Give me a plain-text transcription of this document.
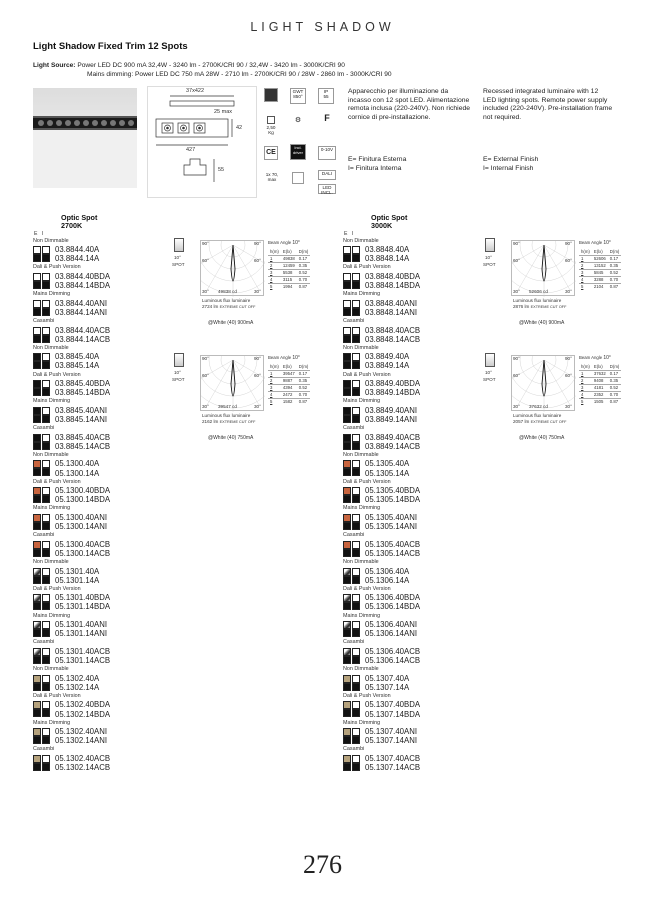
LIGHT SHADOW
Light Shadow Fixed Trim 12 Spots
Light Source: Power LED DC 900 mA 32,4W - 3240 lm - 2700K/CRI 90 / 32,4W - 3420 lm - 3000K/CRI 90
Mains dimming: Power LED DC 750 mA 28W - 2710 lm - 2700K/CRI 90 / 28W - 2860 lm - 3000K/CRI 90
37x422
25 max
42
427
55
GWT
850°
IP
55
2,50 Kg
⚙	F
CE
Incl. driver
0-10V
1x 70, max
DALI
LED INCL.
Apparecchio per illuminazione da incasso con 12 spot LED. Alimentazione remota inclusa (220-240V). Non richiede cornice di pre-installazione.
Recessed integrated luminaire with 12 LED lighting spots. Remote power supply included (220-240V). Pre-installation frame not required.
E= Finitura Esterna
I= Finitura Interna
E= External Finish
I= Internal Finish
Optic Spot
2700K
E I
Non Dimmable
03.8844.40A
03.8844.14A
Dali & Push Version
03.8844.40BDA
03.8844.14BDA
Mains Dimming
03.8844.40ANI
03.8844.14ANI
Casambi
03.8844.40ACB
03.8844.14ACB
Non Dimmable
03.8845.40A
03.8845.14A
Dali & Push Version
03.8845.40BDA
03.8845.14BDA
Mains Dimming
03.8845.40ANI
03.8845.14ANI
Casambi
03.8845.40ACB
03.8845.14ACB
Non Dimmable
05.1300.40A
05.1300.14A
Dali & Push Version
05.1300.40BDA
05.1300.14BDA
Mains Dimming
05.1300.40ANI
05.1300.14ANI
Casambi
05.1300.40ACB
05.1300.14ACB
Non Dimmable
05.1301.40A
05.1301.14A
Dali & Push Version
05.1301.40BDA
05.1301.14BDA
Mains Dimming
05.1301.40ANI
05.1301.14ANI
Casambi
05.1301.40ACB
05.1301.14ACB
Non Dimmable
05.1302.40A
05.1302.14A
Dali & Push Version
05.1302.40BDA
05.1302.14BDA
Mains Dimming
05.1302.40ANI
05.1302.14ANI
Casambi
05.1302.40ACB
05.1302.14ACB
Optic Spot
3000K
E I
Non Dimmable
03.8848.40A
03.8848.14A
Dali & Push Version
03.8848.40BDA
03.8848.14BDA
Mains Dimming
03.8848.40ANI
03.8848.14ANI
Casambi
03.8848.40ACB
03.8848.14ACB
Non Dimmable
03.8849.40A
03.8849.14A
Dali & Push Version
03.8849.40BDA
03.8849.14BDA
Mains Dimming
03.8849.40ANI
03.8849.14ANI
Casambi
03.8849.40ACB
03.8849.14ACB
Non Dimmable
05.1305.40A
05.1305.14A
Dali & Push Version
05.1305.40BDA
05.1305.14BDA
Mains Dimming
05.1305.40ANI
05.1305.14ANI
Casambi
05.1305.40ACB
05.1305.14ACB
Non Dimmable
05.1306.40A
05.1306.14A
Dali & Push Version
05.1306.40BDA
05.1306.14BDA
Mains Dimming
05.1306.40ANI
05.1306.14ANI
Casambi
05.1306.40ACB
05.1306.14ACB
Non Dimmable
05.1307.40A
05.1307.14A
Dali & Push Version
05.1307.40BDA
05.1307.14BDA
Mains Dimming
05.1307.40ANI
05.1307.14ANI
Casambi
05.1307.40ACB
05.1307.14ACB
10°
SPOT
90°	90°
60°	60°
30° 49838 cd	30°
Luminous flux luminaire
2724 lm EXTREME CUT OFF
@White (40) 900mA
Beam Angle 10°
h(m)	E(lx)	D(m)
1	49838	0.17
2	12459	0.35
3	5538	0.52
4	3115	0.70
5	1994	0.87
10°
SPOT
90°	90°
60°	60°
30° 52606 cd	30°
Luminous flux luminaire
2876 lm EXTREME CUT OFF
@White (40) 900mA
Beam Angle 10°
h(m)	E(lx)	D(m)
1	52606	0.17
2	13152	0.35
3	5845	0.52
4	3288	0.70
5	2104	0.87
10°
SPOT
90°	90°
60°	60°
30° 39547 cd	30°
Luminous flux luminaire
2162 lm EXTREME CUT OFF
@White (40) 750mA
Beam Angle 10°
h(m)	E(lx)	D(m)
1	39547	0.17
2	9887	0.35
3	4394	0.52
4	2472	0.70
5	1582	0.87
10°
SPOT
90°	90°
60°	60°
30° 37632 cd	30°
Luminous flux luminaire
2057 lm EXTREME CUT OFF
@White (40) 750mA
Beam Angle 10°
h(m)	E(lx)	D(m)
1	37632	0.17
2	9408	0.35
3	4181	0.52
4	2352	0.70
5	1505	0.87
276
